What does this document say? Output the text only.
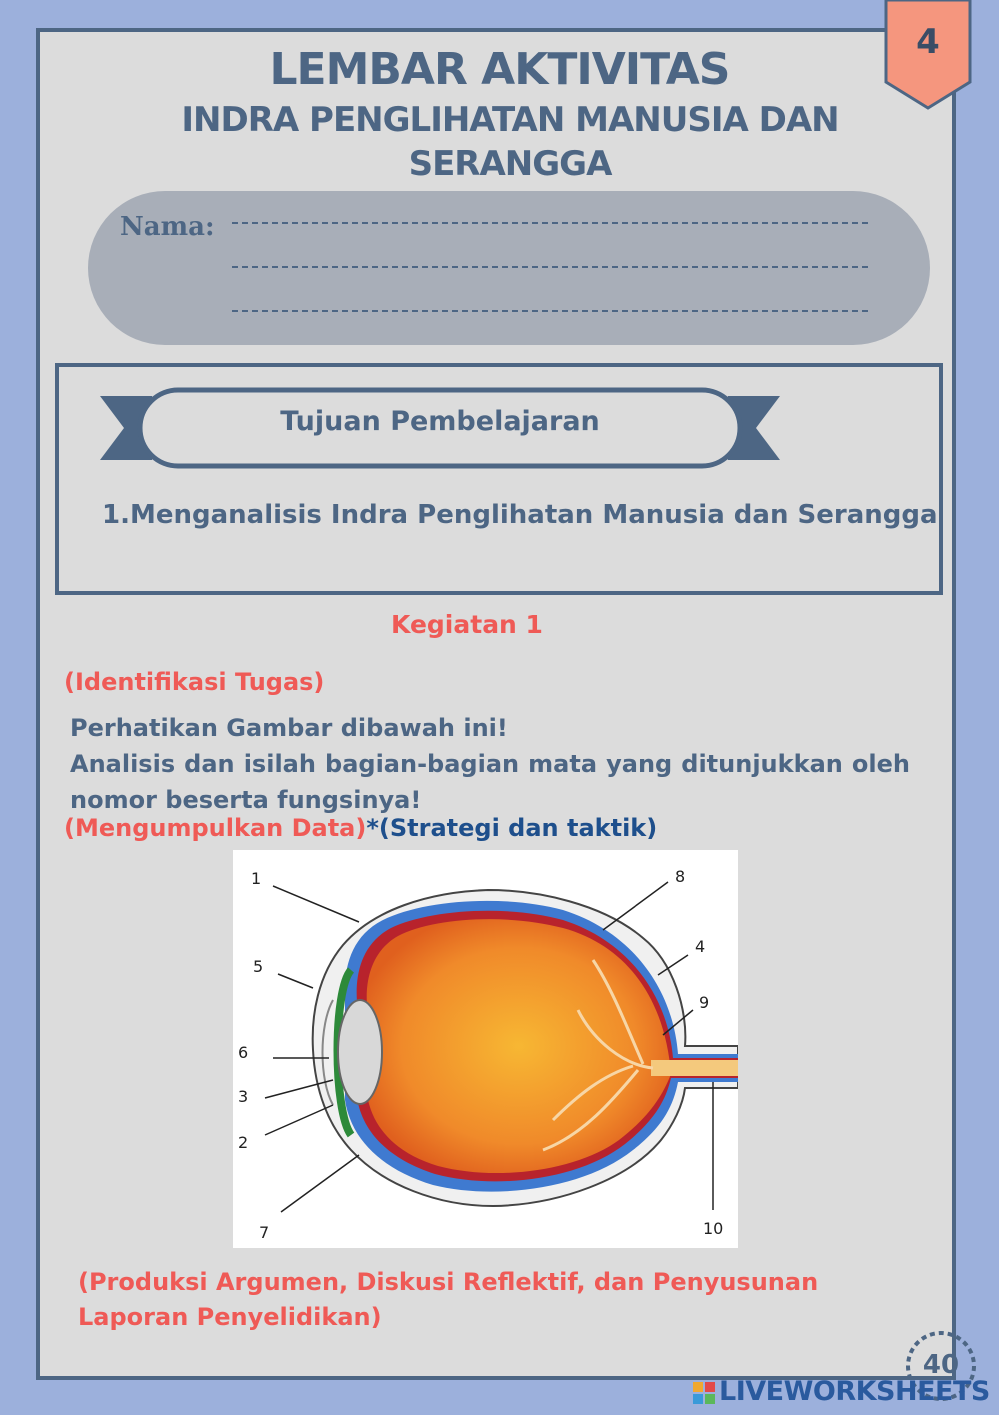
4
LEMBAR AKTIVITAS
INDRA PENGLIHATAN MANUSIA DAN SERANGGA
Nama:
Tujuan Pembelajaran
1.Menganalisis Indra Penglihatan Manusia dan Serangga
Kegiatan 1
(Identifikasi Tugas)
Perhatikan Gambar dibawah ini!
Analisis dan isilah bagian-bagian mata yang ditunjukkan oleh nomor beserta fungsinya!
(Mengumpulkan Data)*(Strategi dan taktik)
1
5
6
3
2
7
8
4
9
10
(Produksi Argumen, Diskusi Reflektif, dan Penyusunan Laporan Penyelidikan)
40
LIVEWORKSHEETS
